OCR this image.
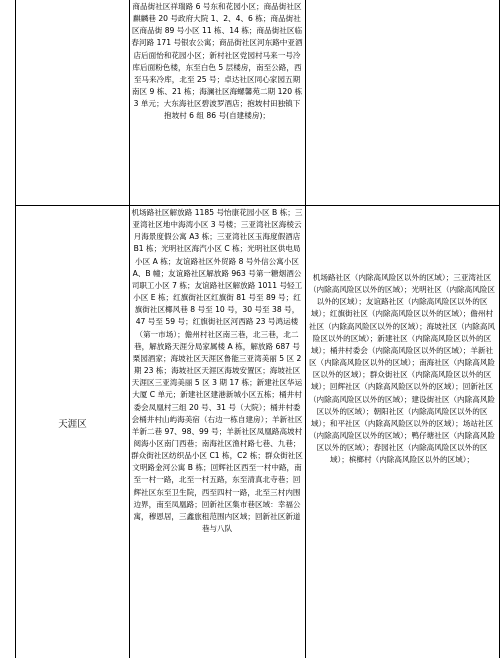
商品街社区祥瑞路 6 号东和花园小区；商品街社区麒麟巷 20 号政府大院 1、2、4、6 栋；商品街社区商品街 89 号小区 11 栋、14 栋；商品街社区临春河路 171 号银农公寓；商品街社区河东路中亚酒店后面怡和花园小区；新村社区党园村马来一号冷库后面粉色楼，东至白色 5 层楼房，南至公路，西至马来冷库，北至 25 号；卓达社区同心家园五期南区 9 栋、21 栋；海澜社区海螺馨苑二期 120 栋 3 单元；大东海社区碧波罗酒店；抱坡村田独镇下抱坡村 6 组 86 号(自建楼房)；
天涯区
机场路社区解放路 1185 号怡康花园小区 B 栋；三亚湾社区地中海湾小区 3 号楼；三亚湾社区海棱云月海景度假公寓 A3 栋；三亚湾社区玉海度假酒店 B1 栋；光明社区海汽小区 C 栋；光明社区供电局小区 A 栋；友谊路社区外贸路 8 号外信公寓小区 A、B 幢；友谊路社区解放路 963 号第一糖烟酒公司职工小区 7 栋；友谊路社区解放路 1011 号轻工小区 E 栋；红旗街社区红旗街 81 号至 89 号；红旗街社区椰风巷 8 号至 10 号，30 号至 38 号，47 号至 59 号；红旗街社区河西路 23 号鸿运楼（第一市场）；儋州村社区南三巷，北三巷，北二巷，解放路天涯分局家属楼 A 栋，解放路 687 号栗园酒家；海坡社区天涯区鲁能三亚湾美丽 5 区 2 期 23 栋；海坡社区天涯区海坡安置区；海坡社区天涯区三亚湾美丽 5 区 3 期 17 栋；新建社区华运大厦 C 单元；新建社区建港新城小区五栋；桶井村委会凤凰村三组 20 号、31 号（大院）；桶井村委会桶井村山屿海美宿（右边一栋自建房）；羊新社区羊新二巷 97、98、99 号；羊新社区凤凰路高坡村阅海小区南门西巷；南海社区渔村路七巷、九巷；群众街社区纺织品小区 C1 栋，C2 栋；群众街社区文明路金河公寓 B 栋；回辉社区西至一村中路，南至一村一路，北至一村五路，东至清真北寺巷；回辉社区东至卫生院，西至四村一路，北至三村内围边界，南至凤凰路；回新社区集市巷区域：幸福公寓，穆恩居，三鑫旅租范围内区域；回新社区新道巷与八队
机场路社区（内除高风险区以外的区域）；三亚湾社区（内除高风险区以外的区域）；光明社区（内除高风险区以外的区域）；友谊路社区（内除高风险区以外的区域）；红旗街社区（内除高风险区以外的区域）；儋州村社区（内除高风险区以外的区域）；海坡社区（内除高风险区以外的区域）；新建社区（内除高风险区以外的区域）；桶井村委会（内除高风险区以外的区域）；羊新社区（内除高风险区以外的区域）；南海社区（内除高风险区以外的区域）；群众街社区（内除高风险区以外的区域）；回辉社区（内除高风险区以外的区域）；回新社区（内除高风险区以外的区域）；建设街社区（内除高风险区以外的区域）；朝阳社区（内除高风险区以外的区域）；和平社区（内除高风险区以外的区域）；场站社区（内除高风险区以外的区域）；鸭仔塘社区（内除高风险区以外的区域）；春园社区（内除高风险区以外的区域）；槟榔村（内除高风险区以外的区域）；
